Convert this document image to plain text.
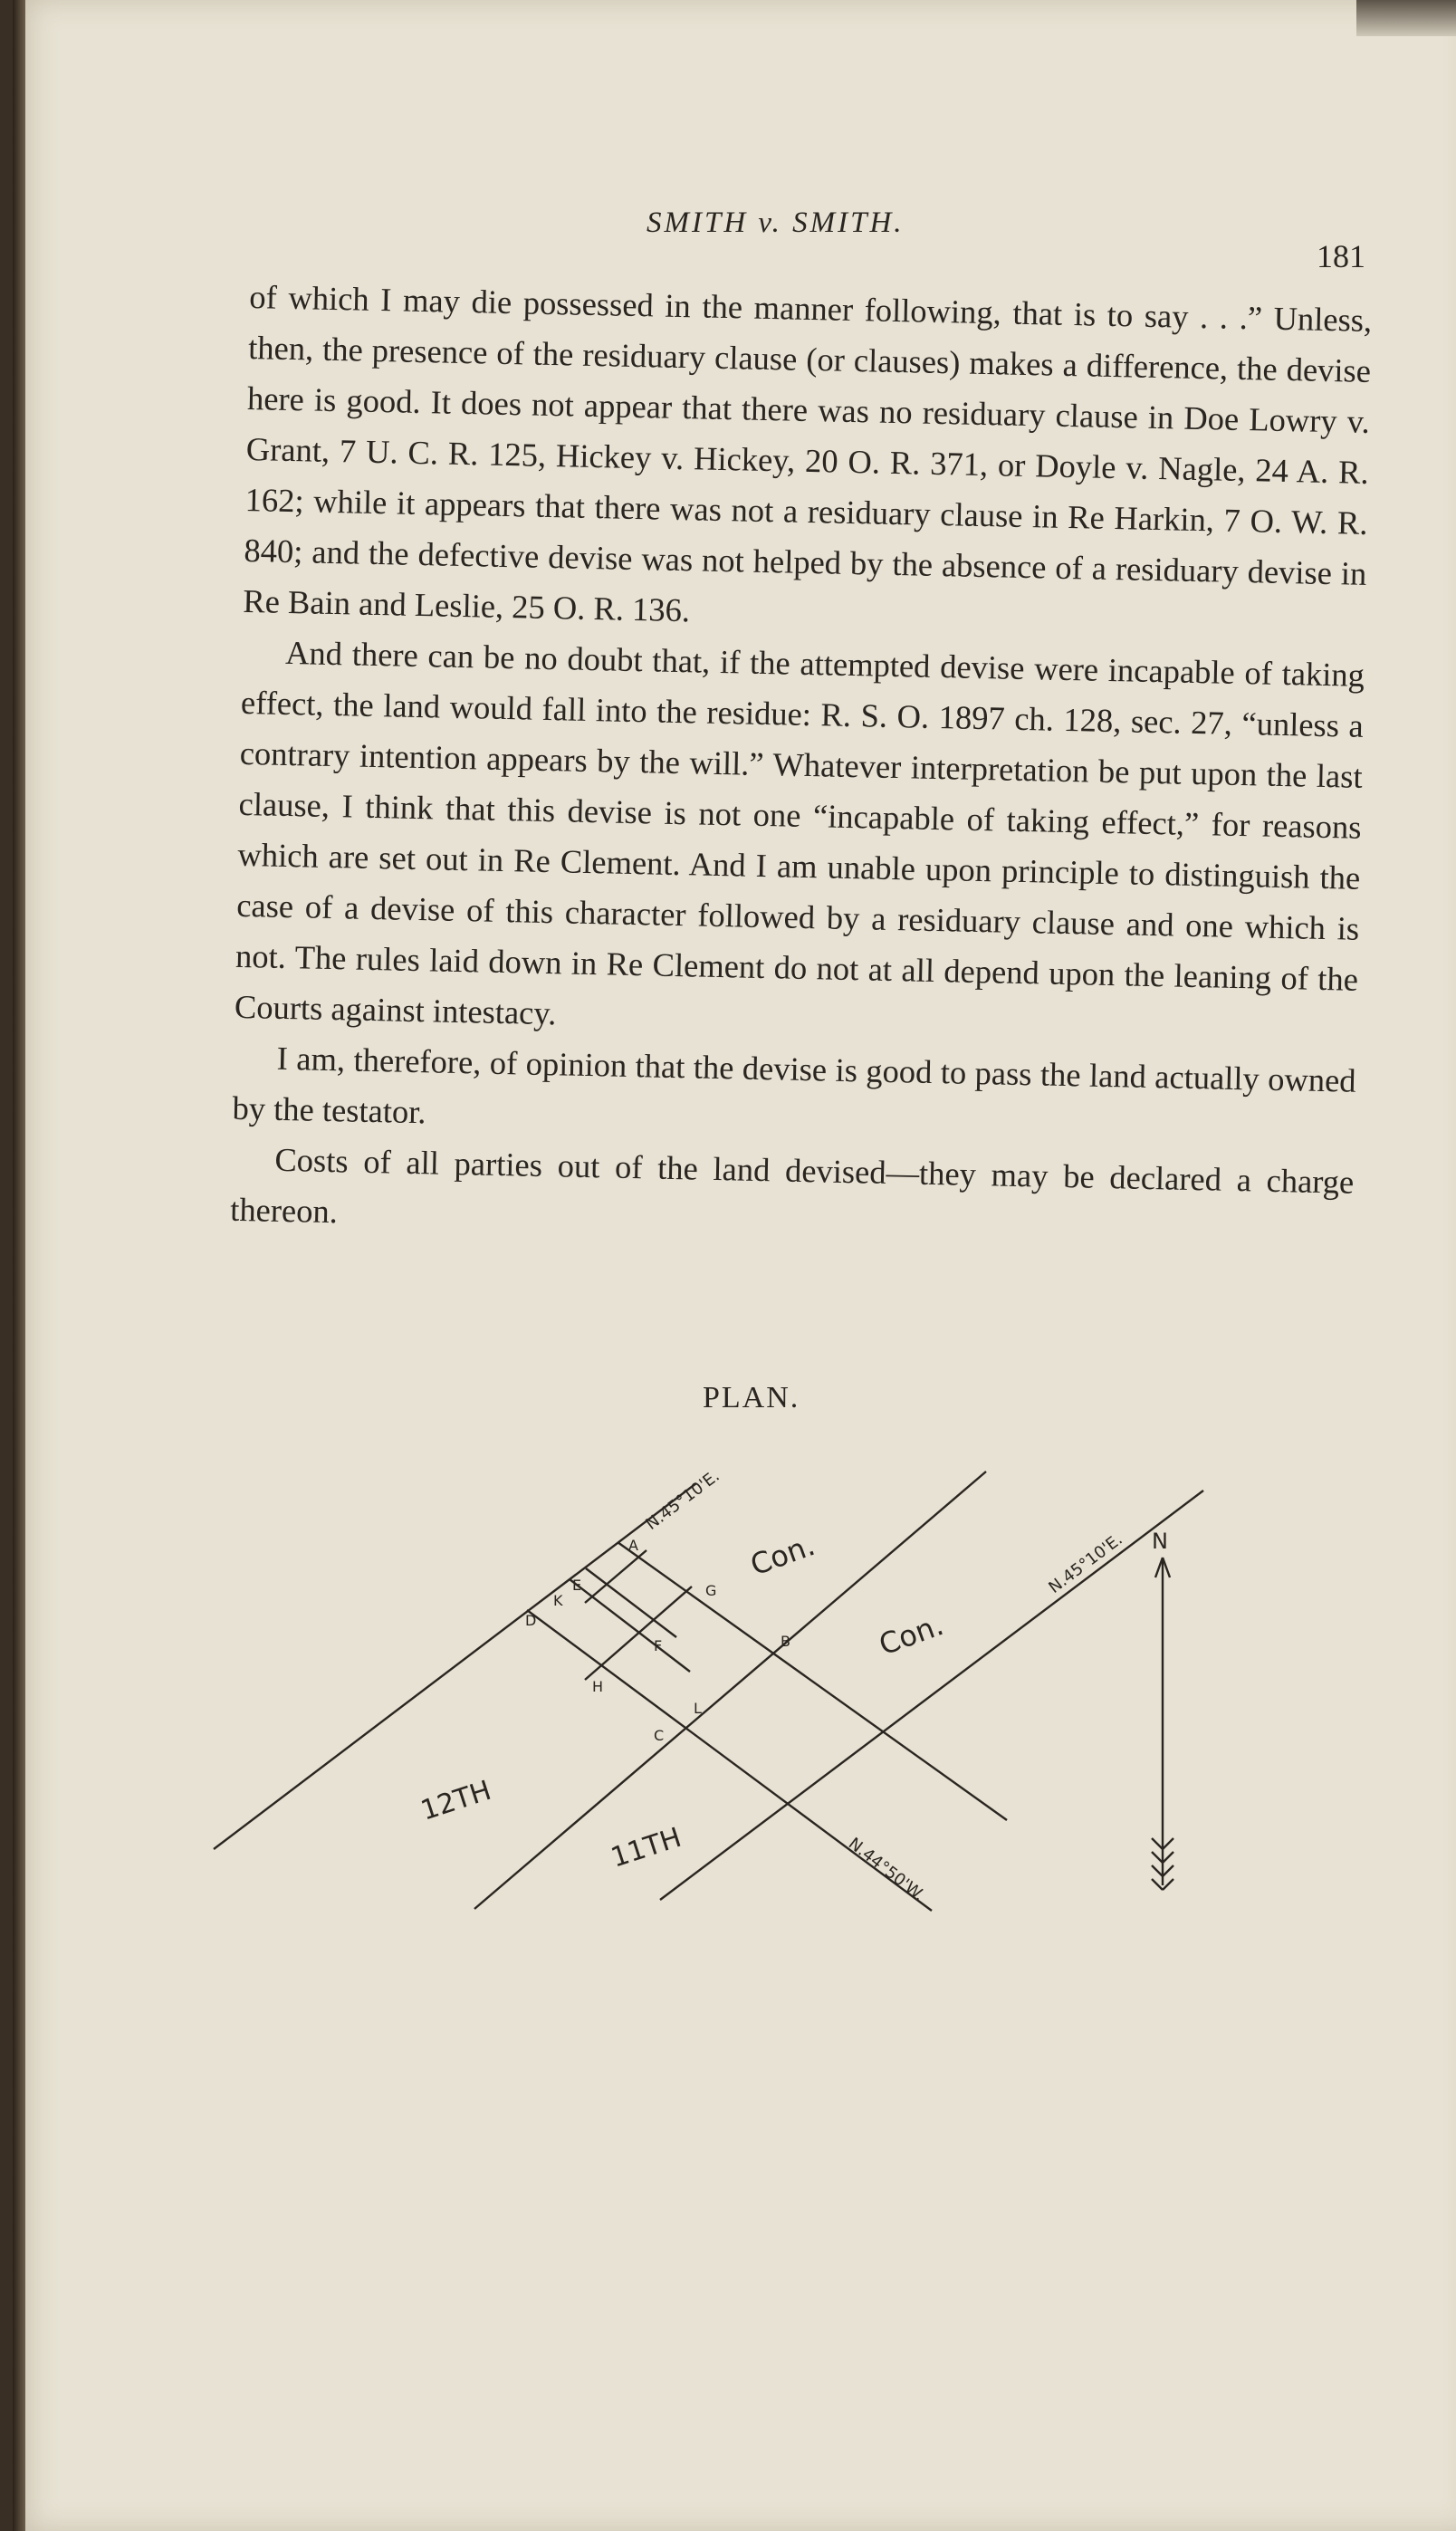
SMITH v. SMITH.
181

of which I may die possessed in the manner following, that is to say . . .” Unless, then, the presence of the residuary clause (or clauses) makes a difference, the devise here is good. It does not appear that there was no residuary clause in Doe Lowry v. Grant, 7 U. C. R. 125, Hickey v. Hickey, 20 O. R. 371, or Doyle v. Nagle, 24 A. R. 162; while it appears that there was not a residuary clause in Re Harkin, 7 O. W. R. 840; and the defective devise was not helped by the absence of a residuary devise in Re Bain and Leslie, 25 O. R. 136.

And there can be no doubt that, if the attempted devise were incapable of taking effect, the land would fall into the residue: R. S. O. 1897 ch. 128, sec. 27, “unless a contrary intention appears by the will.” Whatever interpretation be put upon the last clause, I think that this devise is not one “incapable of taking effect,” for reasons which are set out in Re Clement. And I am unable upon principle to distinguish the case of a devise of this character followed by a residuary clause and one which is not. The rules laid down in Re Clement do not at all depend upon the leaning of the Courts against intestacy.

I am, therefore, of opinion that the devise is good to pass the land actually owned by the testator.

Costs of all parties out of the land devised—they may be declared a charge thereon.

PLAN.
N.45°10'E.
N.45°10'E.
N.44°50'W.
N
Con.
Con.
12TH
11TH
A
B
C
D
E
F
G
H
K
L
